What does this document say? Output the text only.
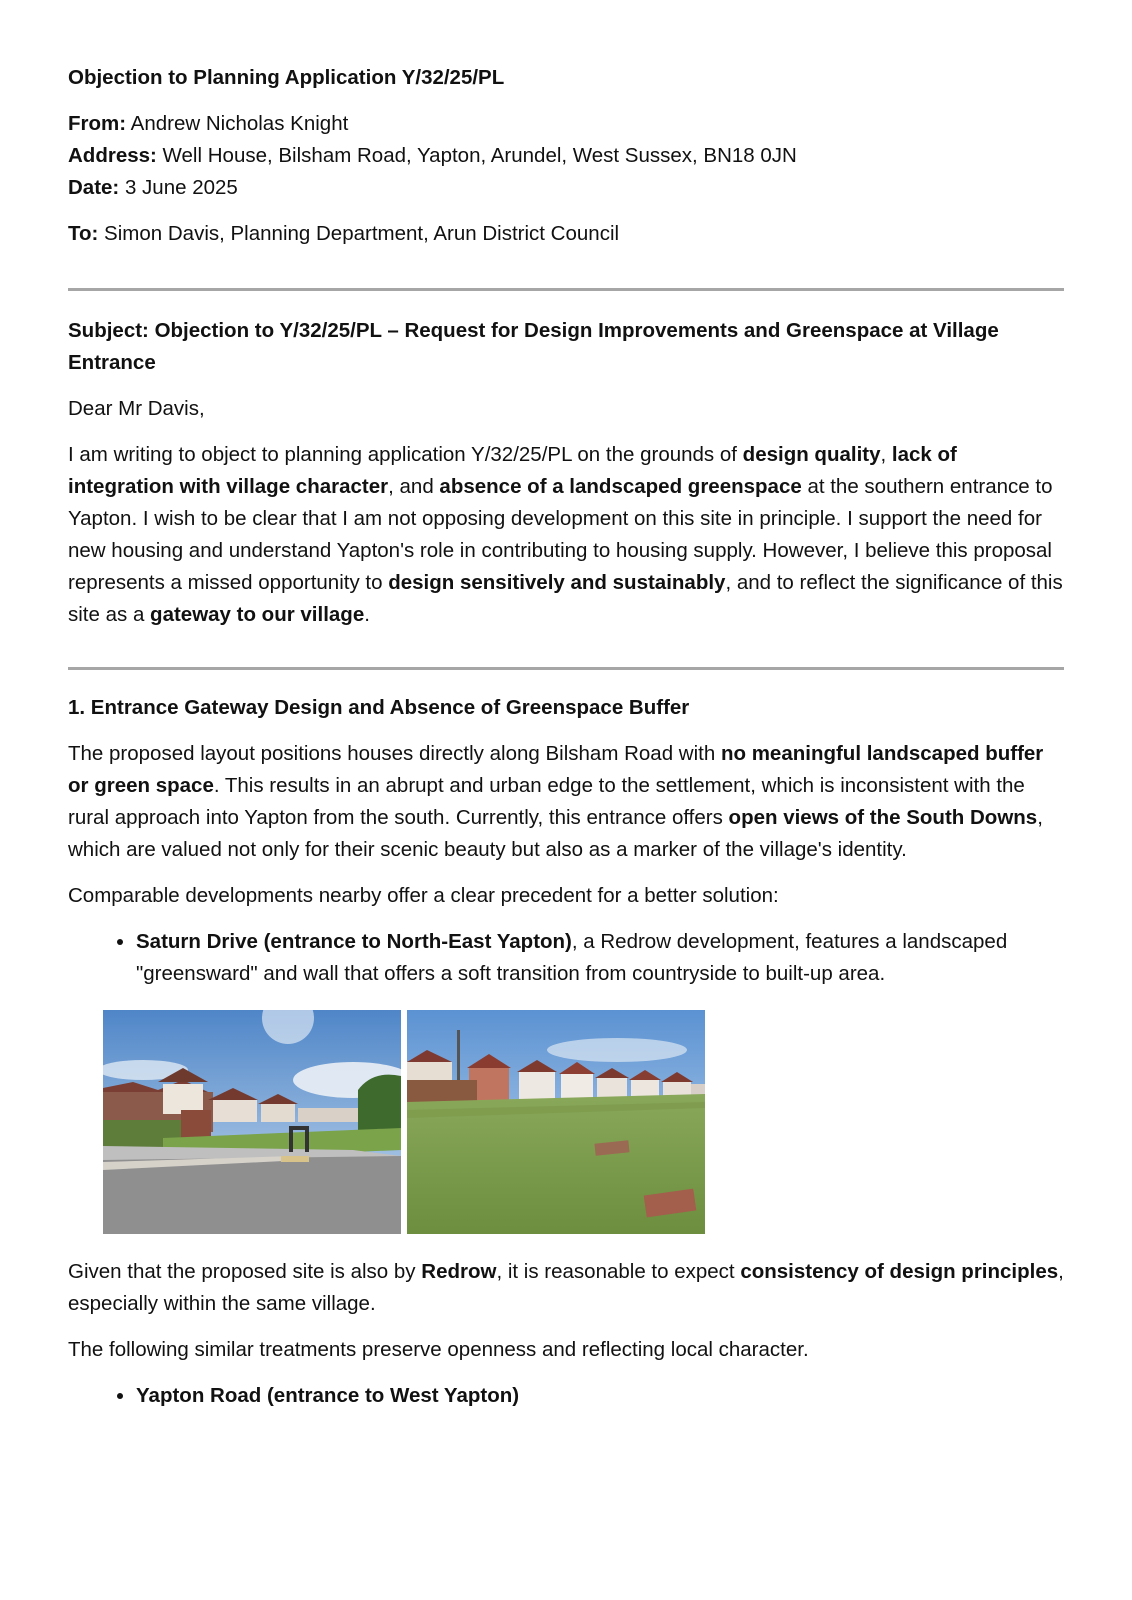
Objection to Planning Application Y/32/25/PL

From: Andrew Nicholas Knight

Address: Well House, Bilsham Road, Yapton, Arundel, West Sussex, BN18 0JN

Date: 3 June 2025

To: Simon Davis, Planning Department, Arun District Council

Subject: Objection to Y/32/25/PL – Request for Design Improvements and Greenspace at Village Entrance

Dear Mr Davis,

I am writing to object to planning application Y/32/25/PL on the grounds of design quality, lack of integration with village character, and absence of a landscaped greenspace at the southern entrance to Yapton. I wish to be clear that I am not opposing development on this site in principle. I support the need for new housing and understand Yapton's role in contributing to housing supply. However, I believe this proposal represents a missed opportunity to design sensitively and sustainably, and to reflect the significance of this site as a gateway to our village.

1. Entrance Gateway Design and Absence of Greenspace Buffer

The proposed layout positions houses directly along Bilsham Road with no meaningful landscaped buffer or green space. This results in an abrupt and urban edge to the settlement, which is inconsistent with the rural approach into Yapton from the south. Currently, this entrance offers open views of the South Downs, which are valued not only for their scenic beauty but also as a marker of the village's identity.

Comparable developments nearby offer a clear precedent for a better solution:

• Saturn Drive (entrance to North-East Yapton), a Redrow development, features a landscaped "greensward" and wall that offers a soft transition from countryside to built-up area.

Given that the proposed site is also by Redrow, it is reasonable to expect consistency of design principles, especially within the same village.

The following similar treatments preserve openness and reflecting local character.

• Yapton Road (entrance to West Yapton)
